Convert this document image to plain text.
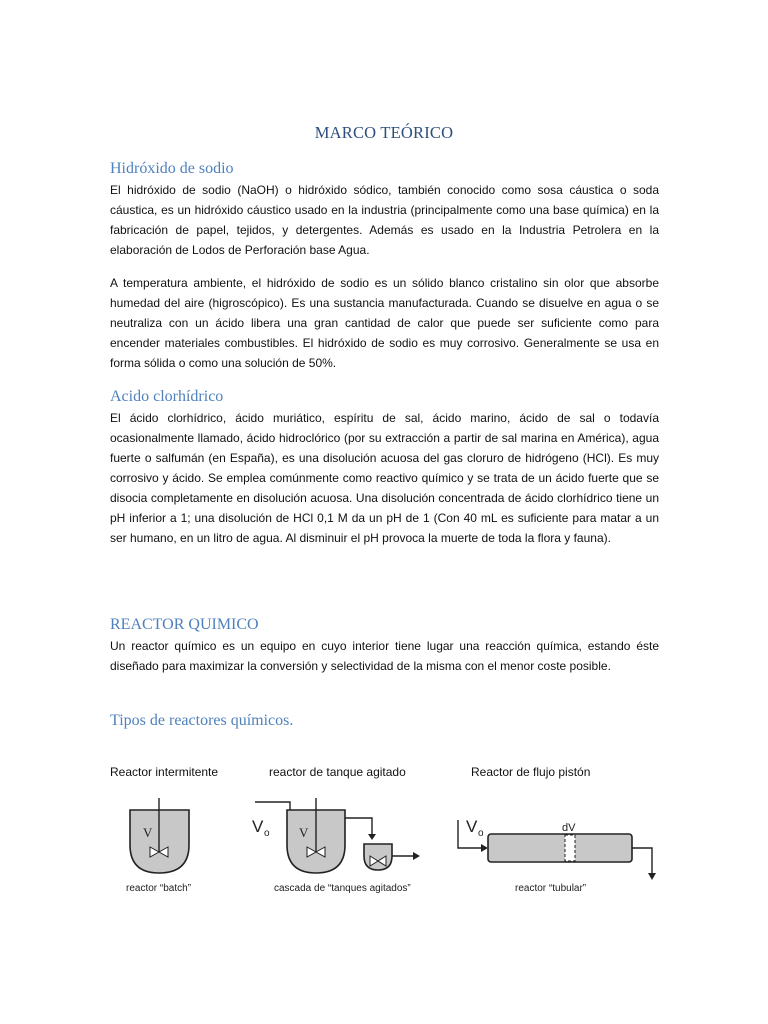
MARCO TEÓRICO
Hidróxido de sodio

El hidróxido de sodio (NaOH) o hidróxido sódico, también conocido como sosa cáustica o soda cáustica, es un hidróxido cáustico usado en la industria (principalmente como una base química) en la fabricación de papel, tejidos, y detergentes. Además es usado en la Industria Petrolera en la elaboración de Lodos de Perforación base Agua.

A temperatura ambiente, el hidróxido de sodio es un sólido blanco cristalino sin olor que absorbe humedad del aire (higroscópico). Es una sustancia manufacturada. Cuando se disuelve en agua o se neutraliza con un ácido libera una gran cantidad de calor que puede ser suficiente como para encender materiales combustibles. El hidróxido de sodio es muy corrosivo. Generalmente se usa en forma sólida o como una solución de 50%.

Acido clorhídrico

El ácido clorhídrico, ácido muriático, espíritu de sal, ácido marino, ácido de sal o todavía ocasionalmente llamado, ácido hidroclórico (por su extracción a partir de sal marina en América), agua fuerte o salfumán (en España), es una disolución acuosa del gas cloruro de hidrógeno (HCl). Es muy corrosivo y ácido. Se emplea comúnmente como reactivo químico y se trata de un ácido fuerte que se disocia completamente en disolución acuosa. Una disolución concentrada de ácido clorhídrico tiene un pH inferior a 1; una disolución de HCl 0,1 M da un pH de 1 (Con 40 mL es suficiente para matar a un ser humano, en un litro de agua. Al disminuir el pH provoca la muerte de toda la flora y fauna).

REACTOR QUIMICO

Un reactor químico es un equipo en cuyo interior tiene lugar una reacción química, estando éste diseñado para maximizar la conversión y selectividad de la misma con el menor coste posible.

Tipos de reactores químicos.
Reactor intermitente	reactor de tanque agitado	Reactor de flujo pistón
V
reactor “batch”
V
V o
cascada de “tanques agitados”
V o	dV
reactor “tubular”
